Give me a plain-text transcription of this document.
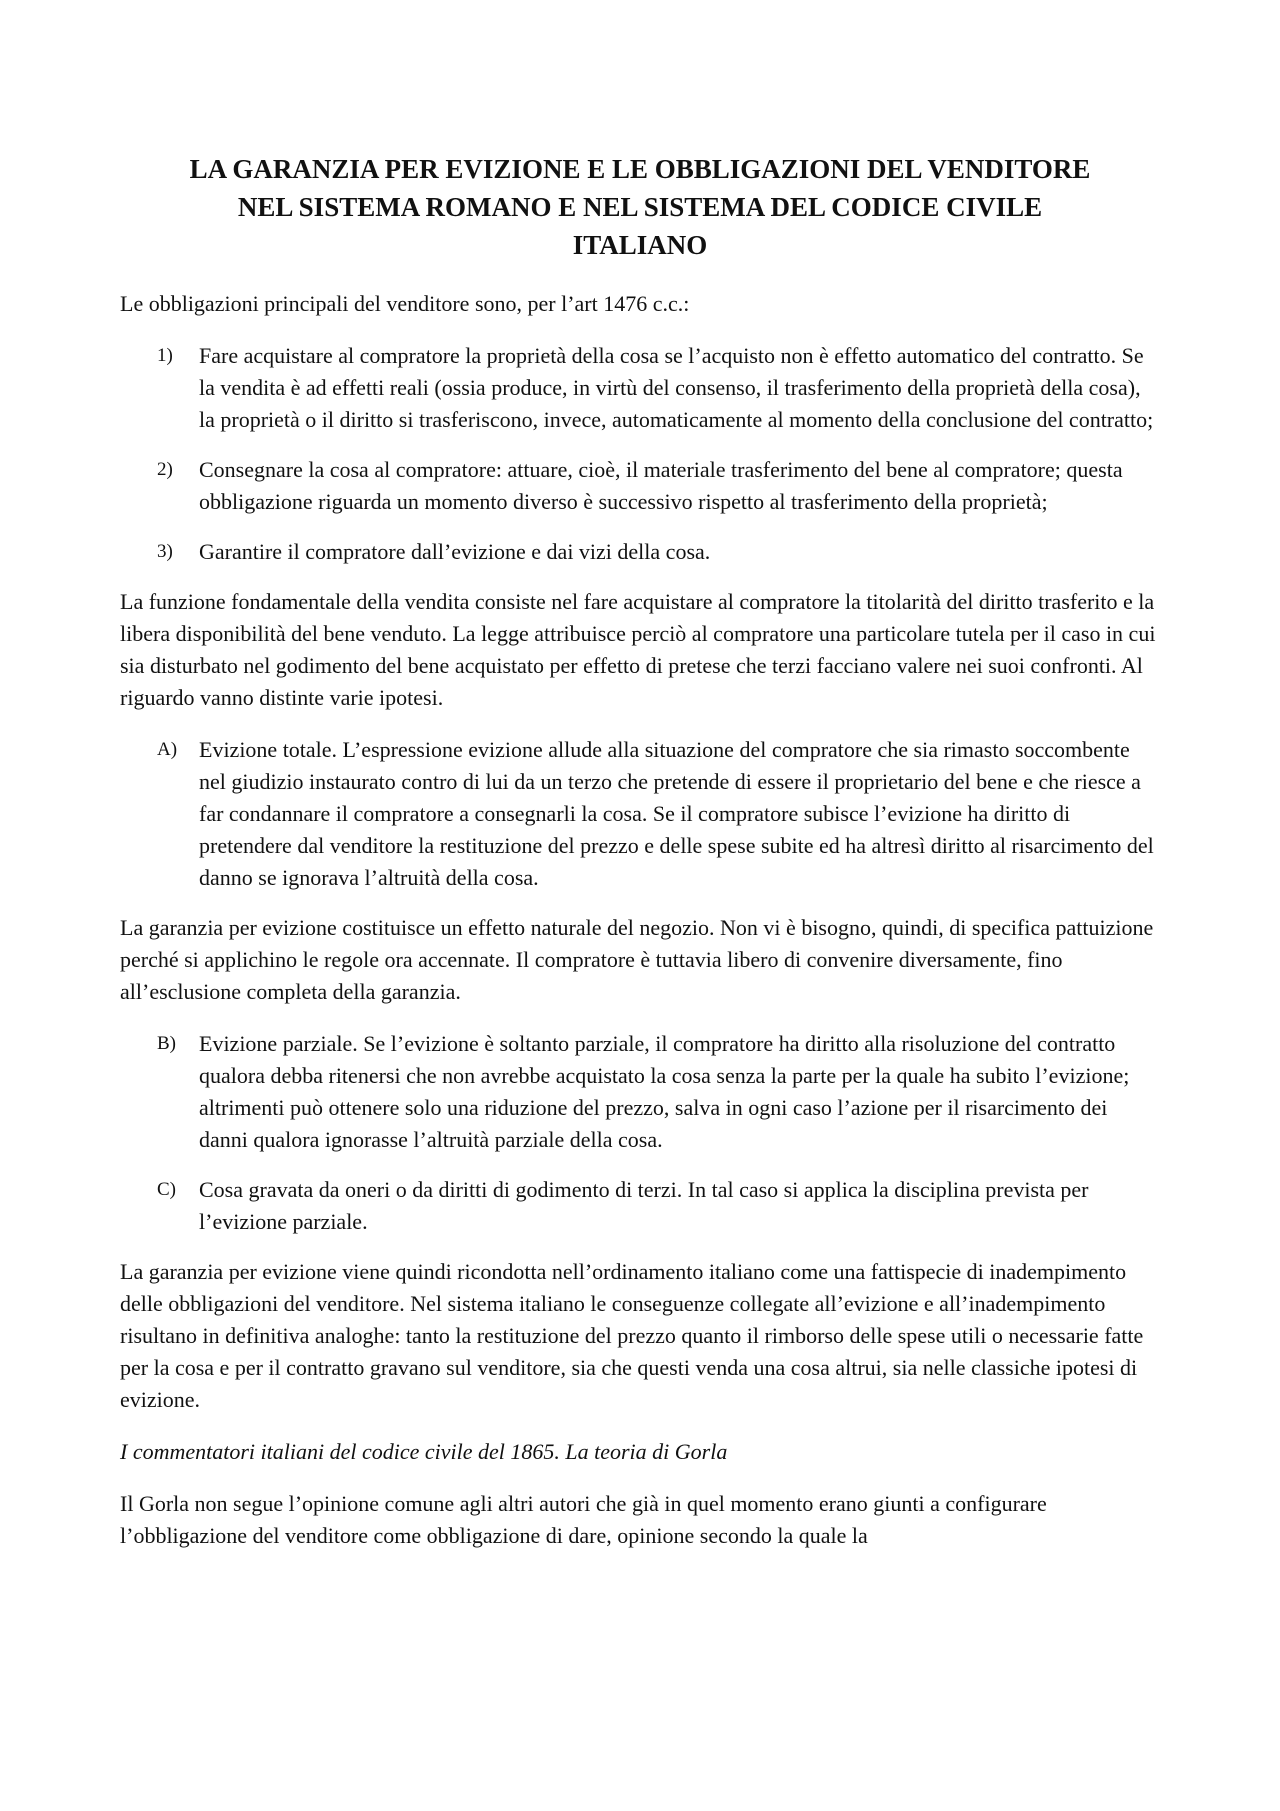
LA GARANZIA PER EVIZIONE E LE OBBLIGAZIONI DEL VENDITORE
NEL SISTEMA ROMANO E NEL SISTEMA DEL CODICE CIVILE
ITALIANO

Le obbligazioni principali del venditore sono, per l’art 1476 c.c.:

1) Fare acquistare al compratore la proprietà della cosa se l’acquisto non è effetto automatico del contratto. Se la vendita è ad effetti reali (ossia produce, in virtù del consenso, il trasferimento della proprietà della cosa), la proprietà o il diritto si trasferiscono, invece, automaticamente al momento della conclusione del contratto;
2) Consegnare la cosa al compratore: attuare, cioè, il materiale trasferimento del bene al compratore; questa obbligazione riguarda un momento diverso è successivo rispetto al trasferimento della proprietà;
3) Garantire il compratore dall’evizione e dai vizi della cosa.

La funzione fondamentale della vendita consiste nel fare acquistare al compratore la titolarità del diritto trasferito e la libera disponibilità del bene venduto. La legge attribuisce perciò al compratore una particolare tutela per il caso in cui sia disturbato nel godimento del bene acquistato per effetto di pretese che terzi facciano valere nei suoi confronti. Al riguardo vanno distinte varie ipotesi.

A) Evizione totale. L’espressione evizione allude alla situazione del compratore che sia rimasto soccombente nel giudizio instaurato contro di lui da un terzo che pretende di essere il proprietario del bene e che riesce a far condannare il compratore a consegnarli la cosa. Se il compratore subisce l’evizione ha diritto di pretendere dal venditore la restituzione del prezzo e delle spese subite ed ha altresì diritto al risarcimento del danno se ignorava l’altruità della cosa.

La garanzia per evizione costituisce un effetto naturale del negozio. Non vi è bisogno, quindi, di specifica pattuizione perché si applichino le regole ora accennate. Il compratore è tuttavia libero di convenire diversamente, fino all’esclusione completa della garanzia.

B) Evizione parziale. Se l’evizione è soltanto parziale, il compratore ha diritto alla risoluzione del contratto qualora debba ritenersi che non avrebbe acquistato la cosa senza la parte per la quale ha subito l’evizione; altrimenti può ottenere solo una riduzione del prezzo, salva in ogni caso l’azione per il risarcimento dei danni qualora ignorasse l’altruità parziale della cosa.
C) Cosa gravata da oneri o da diritti di godimento di terzi. In tal caso si applica la disciplina prevista per l’evizione parziale.

La garanzia per evizione viene quindi ricondotta nell’ordinamento italiano come una fattispecie di inadempimento delle obbligazioni del venditore. Nel sistema italiano le conseguenze collegate all’evizione e all’inadempimento risultano in definitiva analoghe: tanto la restituzione del prezzo quanto il rimborso delle spese utili o necessarie fatte per la cosa e per il contratto gravano sul venditore, sia che questi venda una cosa altrui, sia nelle classiche ipotesi di evizione.

I commentatori italiani del codice civile del 1865. La teoria di Gorla

Il Gorla non segue l’opinione comune agli altri autori che già in quel momento erano giunti a configurare l’obbligazione del venditore come obbligazione di dare, opinione secondo la quale la
